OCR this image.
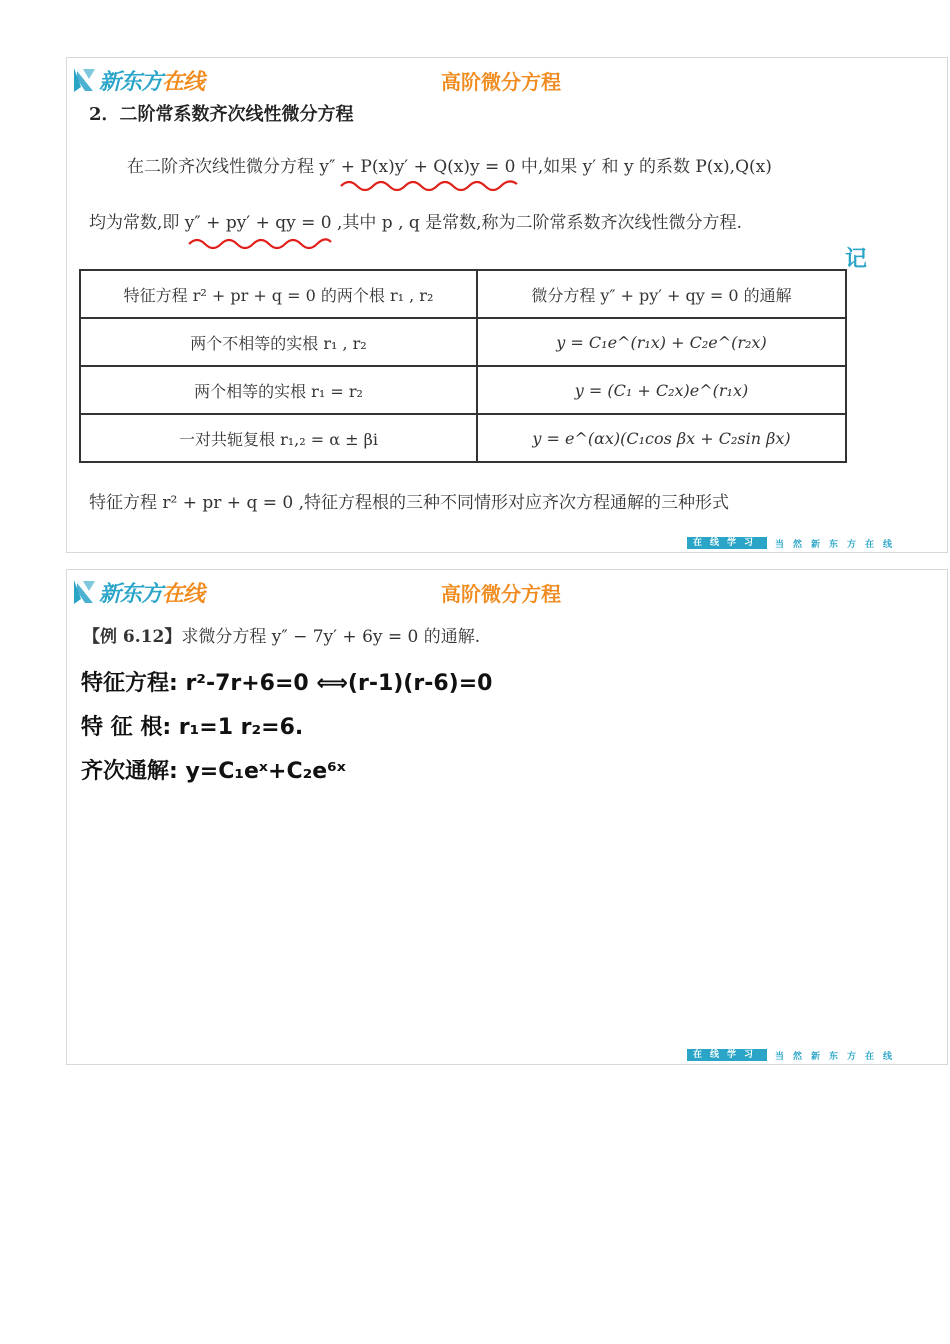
新东方在线	高阶微分方程
2．二阶常系数齐次线性微分方程
在二阶齐次线性微分方程 y″ + P(x)y′ + Q(x)y = 0 中,如果 y′ 和 y 的系数 P(x),Q(x)
均为常数,即 y″ + py′ + qy = 0 ,其中 p , q 是常数,称为二阶常系数齐次线性微分方程.
记
特征方程 r² + pr + q = 0 的两个根 r₁ , r₂	微分方程 y″ + py′ + qy = 0 的通解
两个不相等的实根 r₁ , r₂	y = C₁e^(r₁x) + C₂e^(r₂x)
两个相等的实根 r₁ = r₂	y = (C₁ + C₂x)e^(r₁x)
一对共轭复根 r₁,₂ = α ± βi	y = e^(αx)(C₁cos βx + C₂sin βx)
特征方程 r² + pr + q = 0 ,特征方程根的三种不同情形对应齐次方程通解的三种形式
在线学习	当然新东方在线
新东方在线	高阶微分方程
【例 6.12】求微分方程 y″ − 7y′ + 6y = 0 的通解.
特征方程: r²-7r+6=0 ⟺(r-1)(r-6)=0
特 征 根: r₁=1 r₂=6.
齐次通解: y=C₁eˣ+C₂e⁶ˣ
在线学习	当然新东方在线
